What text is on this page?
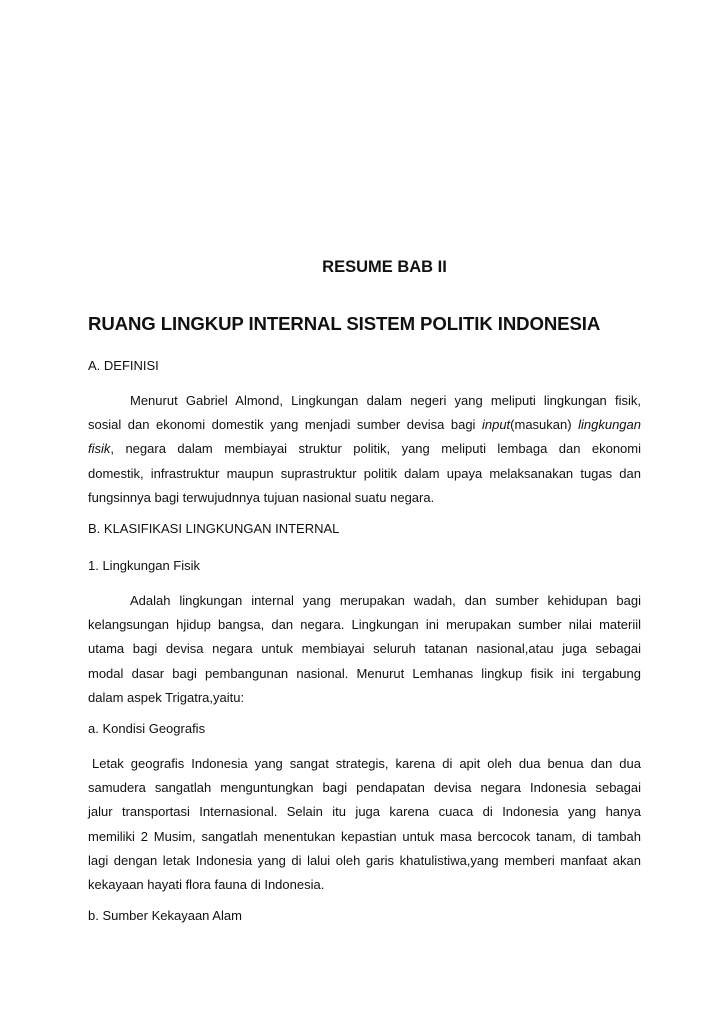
RESUME BAB II
RUANG LINGKUP INTERNAL SISTEM POLITIK INDONESIA
A. DEFINISI
Menurut Gabriel Almond, Lingkungan dalam negeri yang meliputi lingkungan fisik,
sosial dan ekonomi domestik yang menjadi sumber devisa bagi input(masukan) lingkungan
fisik, negara dalam membiayai struktur politik, yang meliputi lembaga dan ekonomi
domestik, infrastruktur maupun suprastruktur politik dalam upaya melaksanakan tugas dan
fungsinnya bagi terwujudnnya tujuan nasional suatu negara.
B. KLASIFIKASI LINGKUNGAN INTERNAL
1. Lingkungan Fisik
Adalah lingkungan internal yang merupakan wadah, dan sumber kehidupan bagi
kelangsungan hjidup bangsa, dan negara. Lingkungan ini merupakan sumber nilai materiil
utama bagi devisa negara untuk membiayai seluruh tatanan nasional,atau juga sebagai
modal dasar bagi pembangunan nasional. Menurut Lemhanas lingkup fisik ini tergabung
dalam aspek Trigatra,yaitu:
a. Kondisi Geografis
Letak geografis Indonesia yang sangat strategis, karena di apit oleh dua benua dan dua
samudera sangatlah menguntungkan bagi pendapatan devisa negara Indonesia sebagai
jalur transportasi Internasional. Selain itu juga karena cuaca di Indonesia yang hanya
memiliki 2 Musim, sangatlah menentukan kepastian untuk masa bercocok tanam, di tambah
lagi dengan letak Indonesia yang di lalui oleh garis khatulistiwa,yang memberi manfaat akan
kekayaan hayati flora fauna di Indonesia.
b. Sumber Kekayaan Alam
